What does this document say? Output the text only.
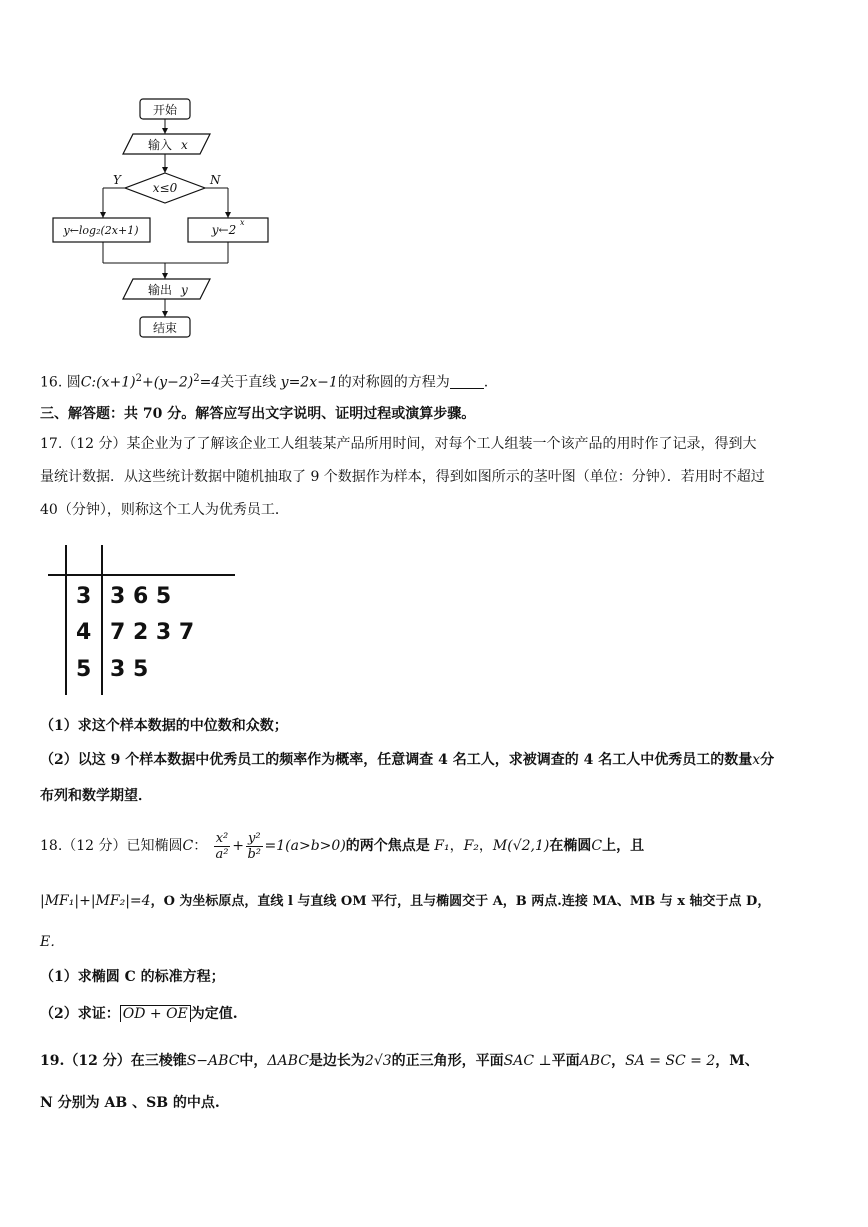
开始
输入 x
x≤0
Y	N
y←log₂(2x+1)	y←2
x
输出 y
结束
16. 圆$C:(x+1)^2+(y-2)^2=4$关于直线 y=2x−1的对称圆的方程为 .
三、解答题：共 70 分。解答应写出文字说明、证明过程或演算步骤。
17.（12 分）某企业为了了解该企业工人组装某产品所用时间，对每个工人组装一个该产品的用时作了记录，得到大
量统计数据．从这些统计数据中随机抽取了 9 个数据作为样本，得到如图所示的茎叶图（单位：分钟）．若用时不超过
40（分钟），则称这个工人为优秀员工．
3 3 6 5
4 7 2 3 7
5 3 5
（1）求这个样本数据的中位数和众数；
（2）以这 9 个样本数据中优秀员工的频率作为概率，任意调查 4 名工人，求被调查的 4 名工人中优秀员工的数量x分
布列和数学期望．
18.（12 分）已知椭圆C： $\frac{\text{x²}}{\text{a²}} + \frac{\text{y²}}{\text{b²}} =1(a>b>0)$的两个焦点是 F₁，F₂，M(√2,1)在椭圆C上，且
|MF₁|+|MF₂|=4，O 为坐标原点，直线 l 与直线 OM 平行，且与椭圆交于 A，B 两点.连接 MA、MB 与 x 轴交于点 D，
E．
（1）求椭圆 C 的标准方程；
（2）求证： OD + OE 为定值.
19.（12 分）在三棱锥S−ABC中，ΔABC是边长为2√3的正三角形，平面SAC ⊥平面ABC，SA = SC = 2，M、
N 分别为 AB 、SB 的中点.
